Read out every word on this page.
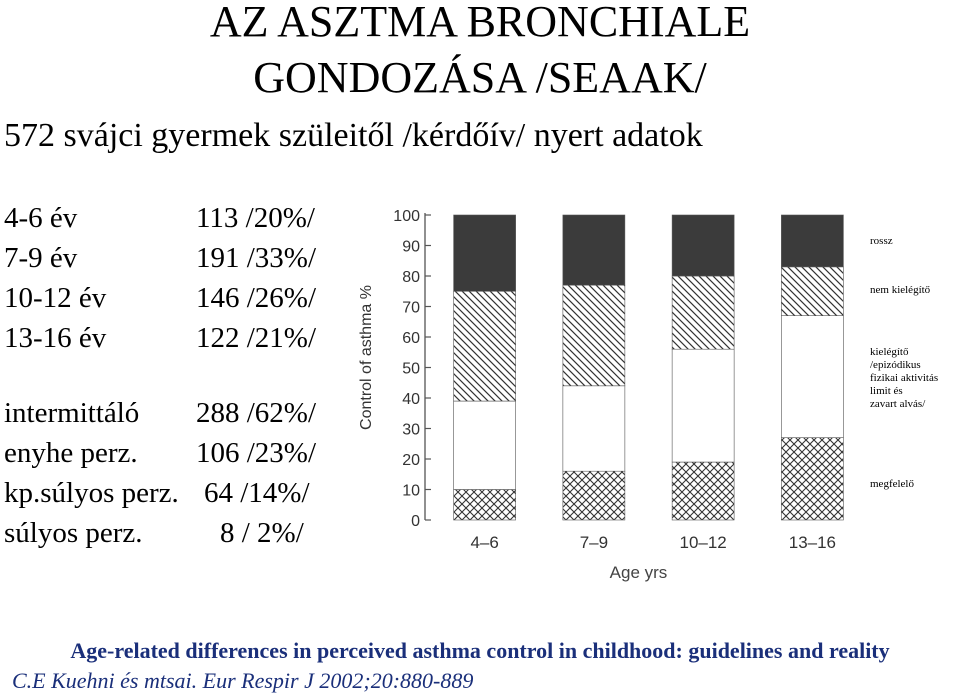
AZ ASZTMA BRONCHIALE
GONDOZÁSA /SEAAK/
572 svájci gyermek szüleitől /kérdőív/ nyert adatok
4-6 év	113 /20%/
7-9 év	191 /33%/
10-12 év	146 /26%/
13-16 év	122 /21%/
intermittáló 288 /62%/
enyhe perz. 106 /23%/
kp.súlyos perz. 64 /14%/
súlyos perz.	8 / 2%/	0
10
20
30
40
50
60
70
80
90
100
Control of asthma %
4–6	7–9	10–12	13–16
Age yrs
rossz
nem kielégítő
kielégítő
/epizódikus
fizikai aktivitás
limit és
zavart alvás/
megfelelő
Age-related differences in perceived asthma control in childhood: guidelines and reality
C.E Kuehni és mtsai. Eur Respir J 2002;20:880-889
